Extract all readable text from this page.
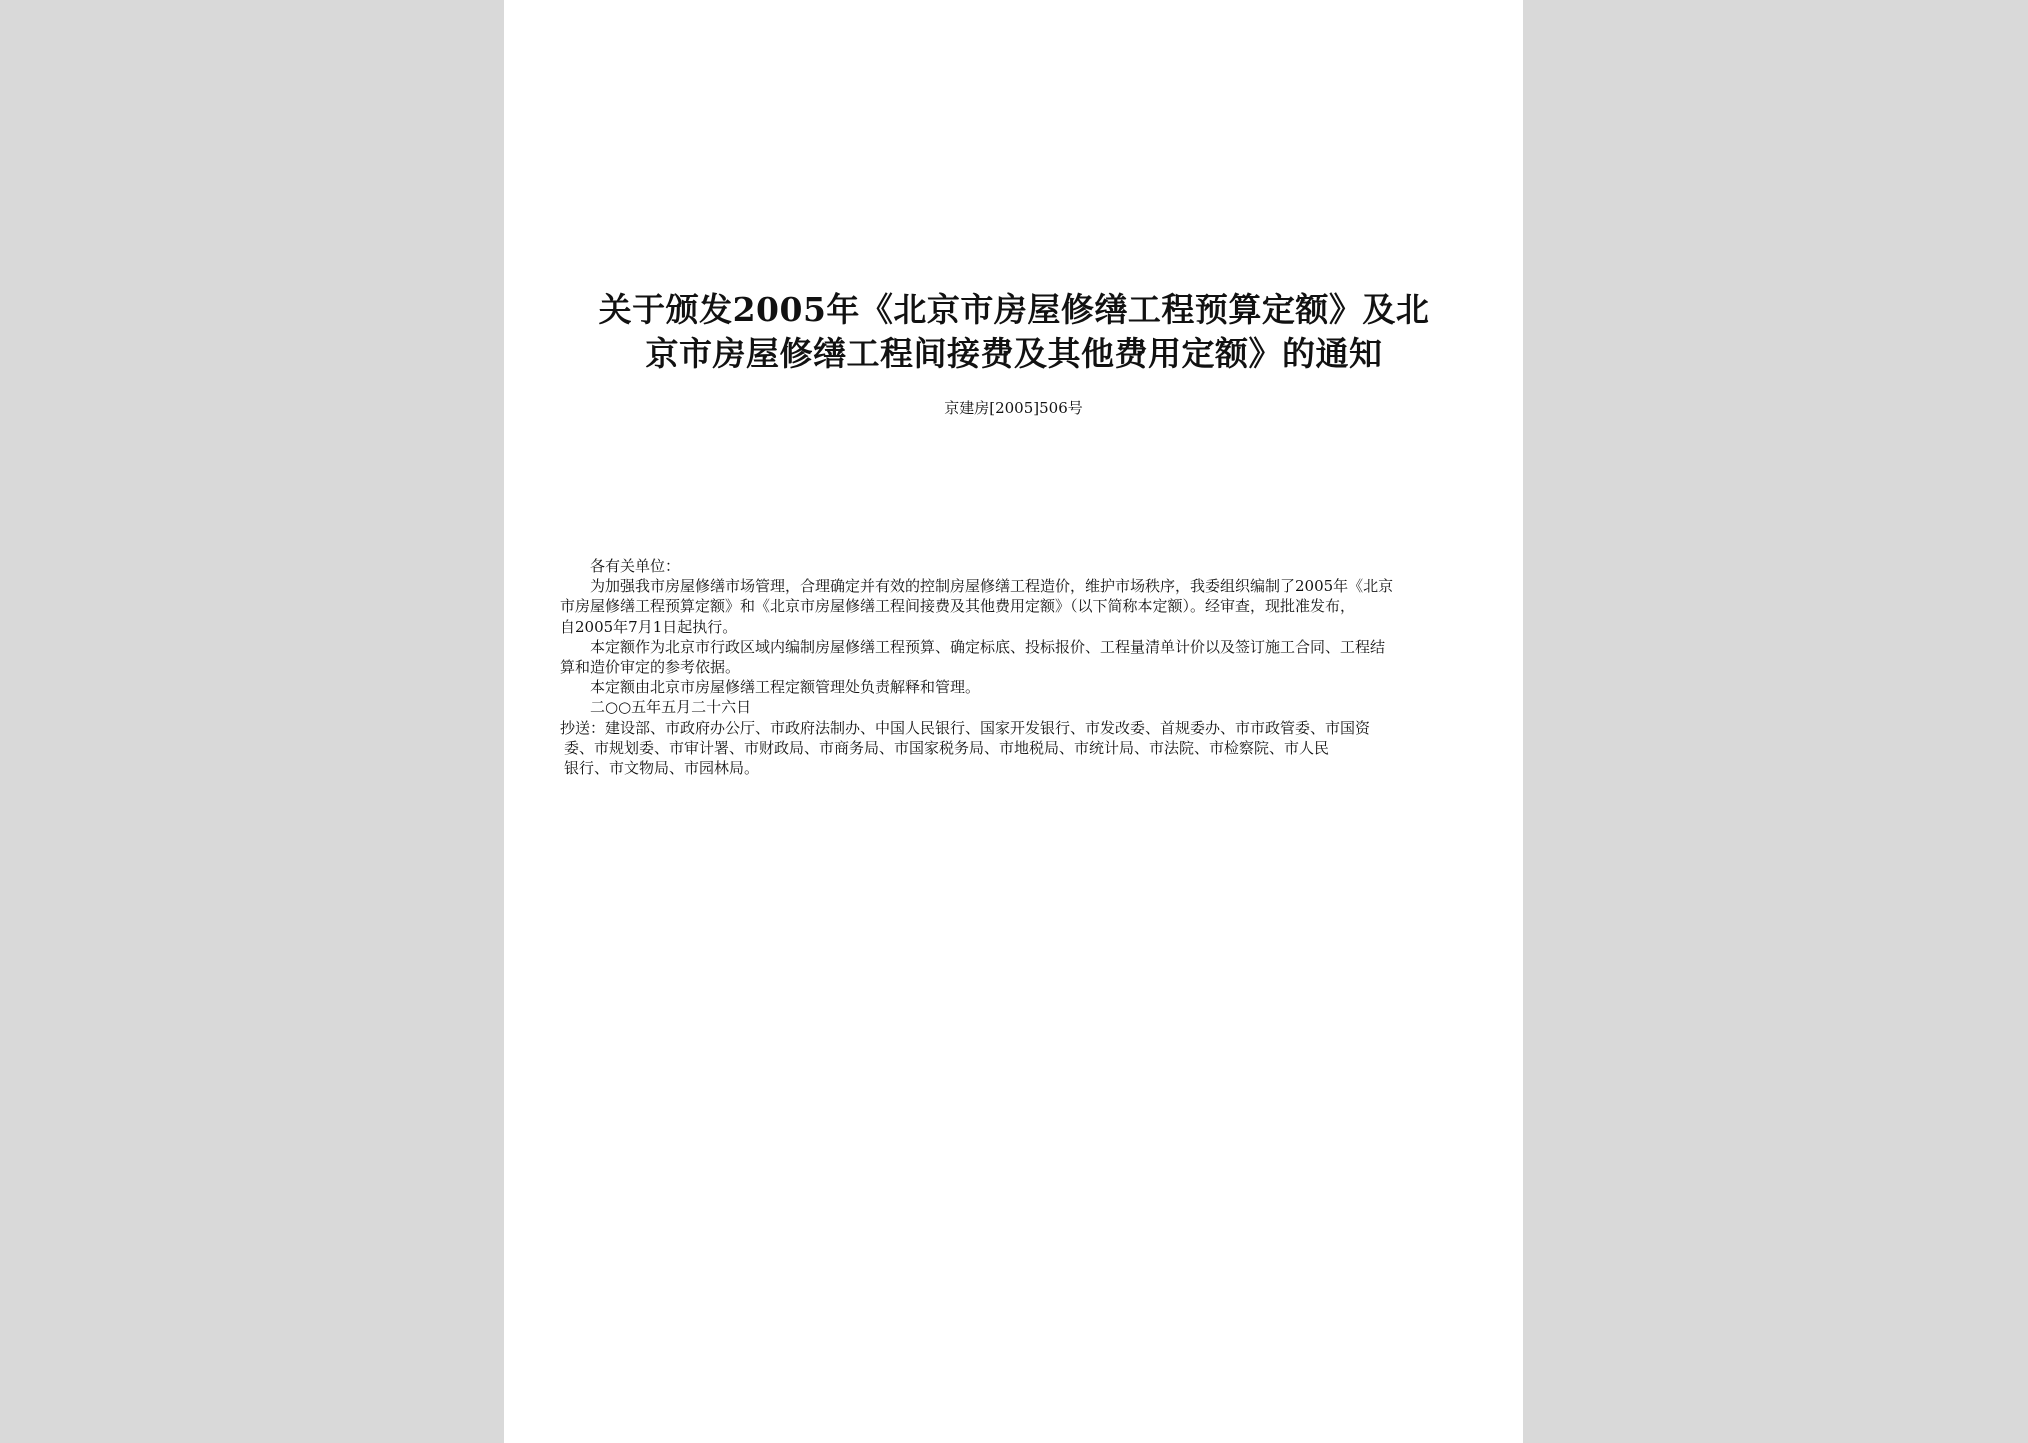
关于颁发2005年《北京市房屋修缮工程预算定额》及北
京市房屋修缮工程间接费及其他费用定额》的通知
京建房[2005]506号
各有关单位：
为加强我市房屋修缮市场管理，合理确定并有效的控制房屋修缮工程造价，维护市场秩序，我委组织编制了2005年《北京
市房屋修缮工程预算定额》和《北京市房屋修缮工程间接费及其他费用定额》（以下简称本定额）。经审查，现批准发布，
自2005年7月1日起执行。
本定额作为北京市行政区域内编制房屋修缮工程预算、确定标底、投标报价、工程量清单计价以及签订施工合同、工程结
算和造价审定的参考依据。
本定额由北京市房屋修缮工程定额管理处负责解释和管理。
二○○五年五月二十六日
抄送：建设部、市政府办公厅、市政府法制办、中国人民银行、国家开发银行、市发改委、首规委办、市市政管委、市国资
委、市规划委、市审计署、市财政局、市商务局、市国家税务局、市地税局、市统计局、市法院、市检察院、市人民
银行、市文物局、市园林局。
